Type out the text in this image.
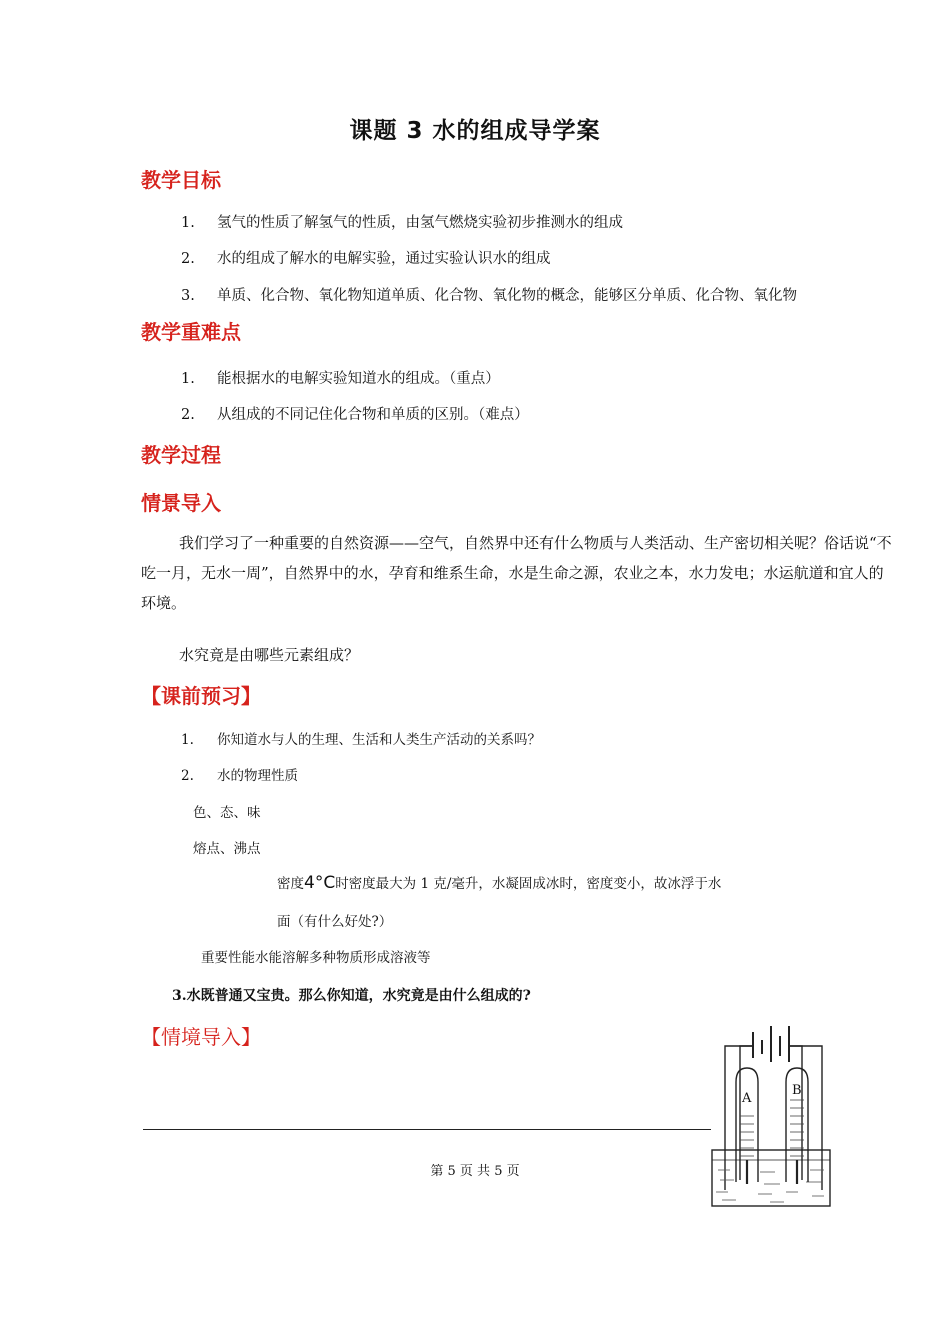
课题 3 水的组成导学案
教学目标
1. 氢气的性质了解氢气的性质，由氢气燃烧实验初步推测水的组成
2. 水的组成了解水的电解实验，通过实验认识水的组成
3. 单质、化合物、氧化物知道单质、化合物、氧化物的概念，能够区分单质、化合物、氧化物
教学重难点
1. 能根据水的电解实验知道水的组成。（重点）
2. 从组成的不同记住化合物和单质的区别。（难点）
教学过程
情景导入
我们学习了一种重要的自然资源——空气，自然界中还有什么物质与人类活动、生产密切相关呢？俗话说“不吃一月，无水一周”，自然界中的水，孕育和维系生命，水是生命之源，农业之本，水力发电；水运航道和宜人的环境。
水究竟是由哪些元素组成？
【课前预习】
1. 你知道水与人的生理、生活和人类生产活动的关系吗？
2. 水的物理性质
色、态、味
熔点、沸点
密度4°C时密度最大为 1 克/毫升，水凝固成冰时，密度变小，故冰浮于水
面（有什么好处?）
重要性能水能溶解多种物质形成溶液等
3.水既普通又宝贵。那么你知道，水究竟是由什么组成的?
【情境导入】
A
B
第 5 页 共 5 页
